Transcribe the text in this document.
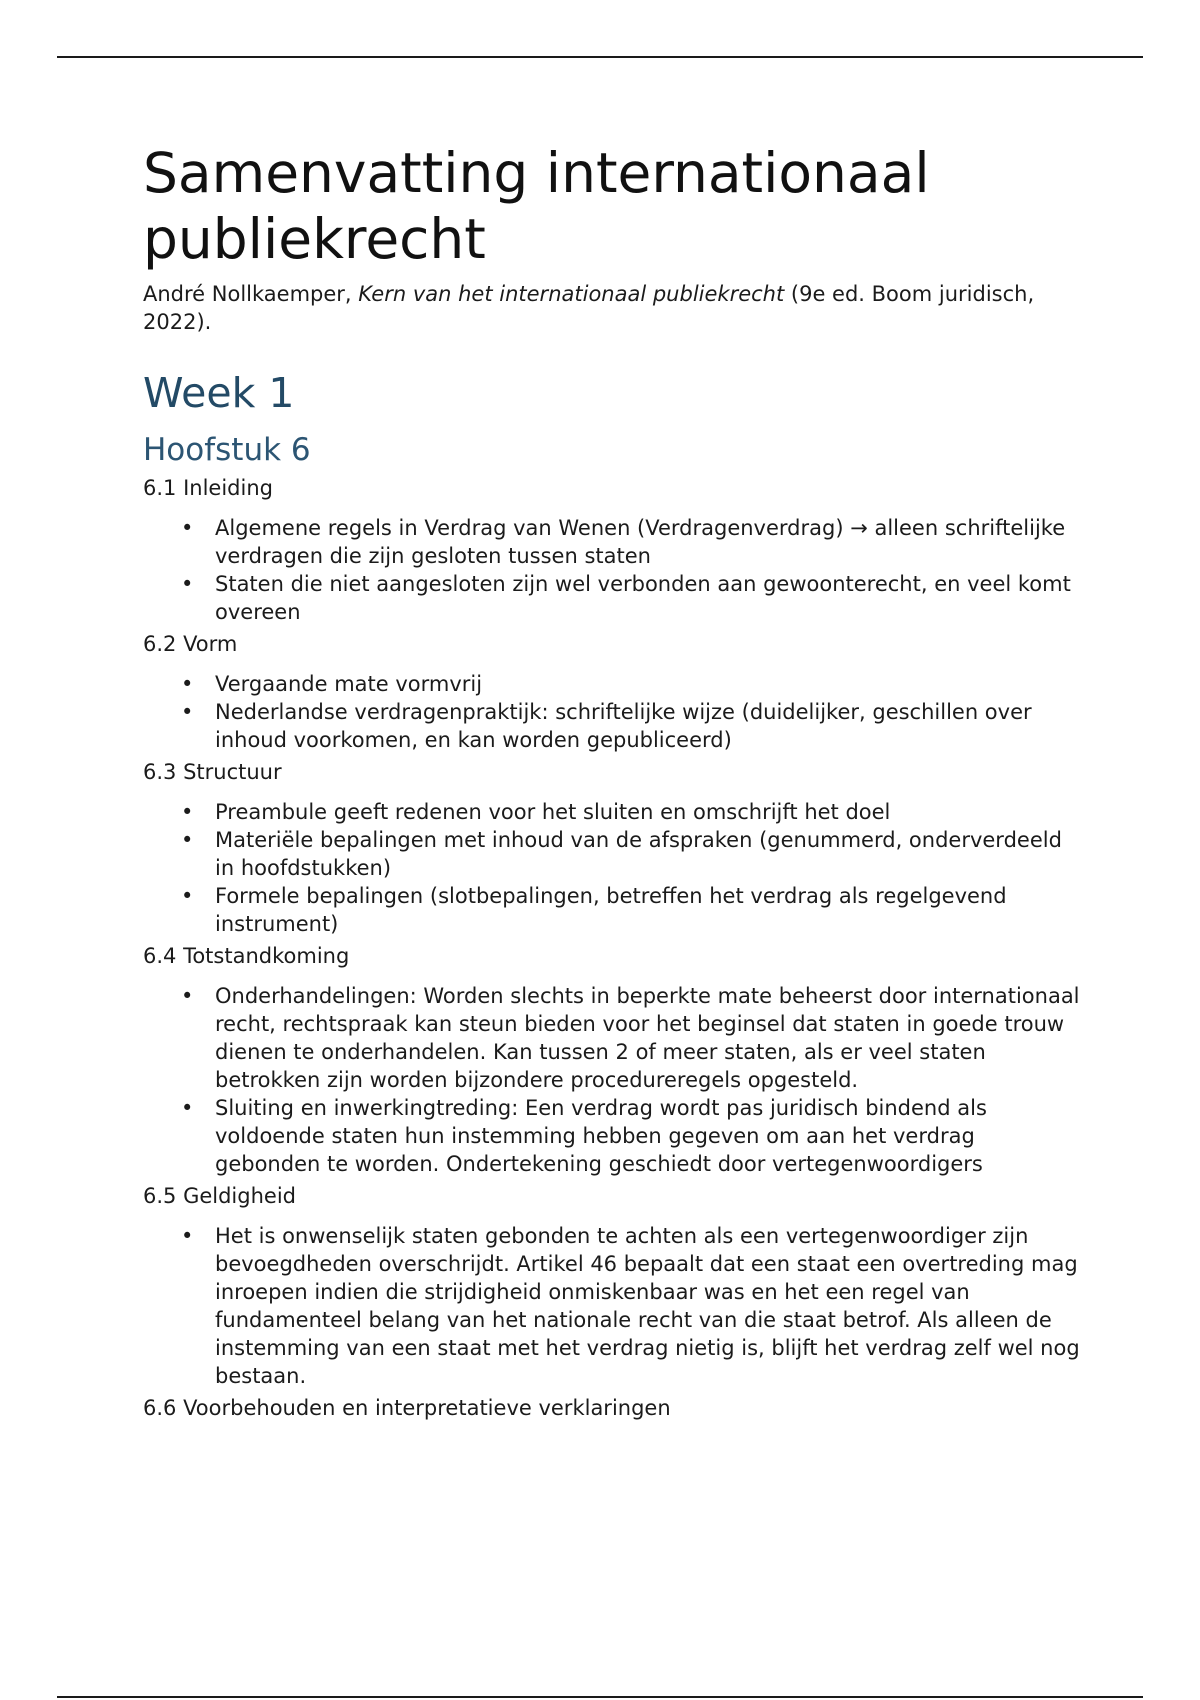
Samenvatting internationaal publiekrecht

André Nollkaemper, Kern van het internationaal publiekrecht (9e ed. Boom juridisch, 2022).

Week 1
Hoofstuk 6

6.1 Inleiding

• Algemene regels in Verdrag van Wenen (Verdragenverdrag) → alleen schriftelijke verdragen die zijn gesloten tussen staten
• Staten die niet aangesloten zijn wel verbonden aan gewoonterecht, en veel komt overeen

6.2 Vorm

• Vergaande mate vormvrij
• Nederlandse verdragenpraktijk: schriftelijke wijze (duidelijker, geschillen over inhoud voorkomen, en kan worden gepubliceerd)

6.3 Structuur

• Preambule geeft redenen voor het sluiten en omschrijft het doel
• Materiële bepalingen met inhoud van de afspraken (genummerd, onderverdeeld in hoofdstukken)
• Formele bepalingen (slotbepalingen, betreffen het verdrag als regelgevend instrument)

6.4 Totstandkoming

• Onderhandelingen: Worden slechts in beperkte mate beheerst door internationaal recht, rechtspraak kan steun bieden voor het beginsel dat staten in goede trouw dienen te onderhandelen. Kan tussen 2 of meer staten, als er veel staten betrokken zijn worden bijzondere procedureregels opgesteld.
• Sluiting en inwerkingtreding: Een verdrag wordt pas juridisch bindend als voldoende staten hun instemming hebben gegeven om aan het verdrag gebonden te worden. Ondertekening geschiedt door vertegenwoordigers

6.5 Geldigheid

• Het is onwenselijk staten gebonden te achten als een vertegenwoordiger zijn bevoegdheden overschrijdt. Artikel 46 bepaalt dat een staat een overtreding mag inroepen indien die strijdigheid onmiskenbaar was en het een regel van fundamenteel belang van het nationale recht van die staat betrof. Als alleen de instemming van een staat met het verdrag nietig is, blijft het verdrag zelf wel nog bestaan.

6.6 Voorbehouden en interpretatieve verklaringen
